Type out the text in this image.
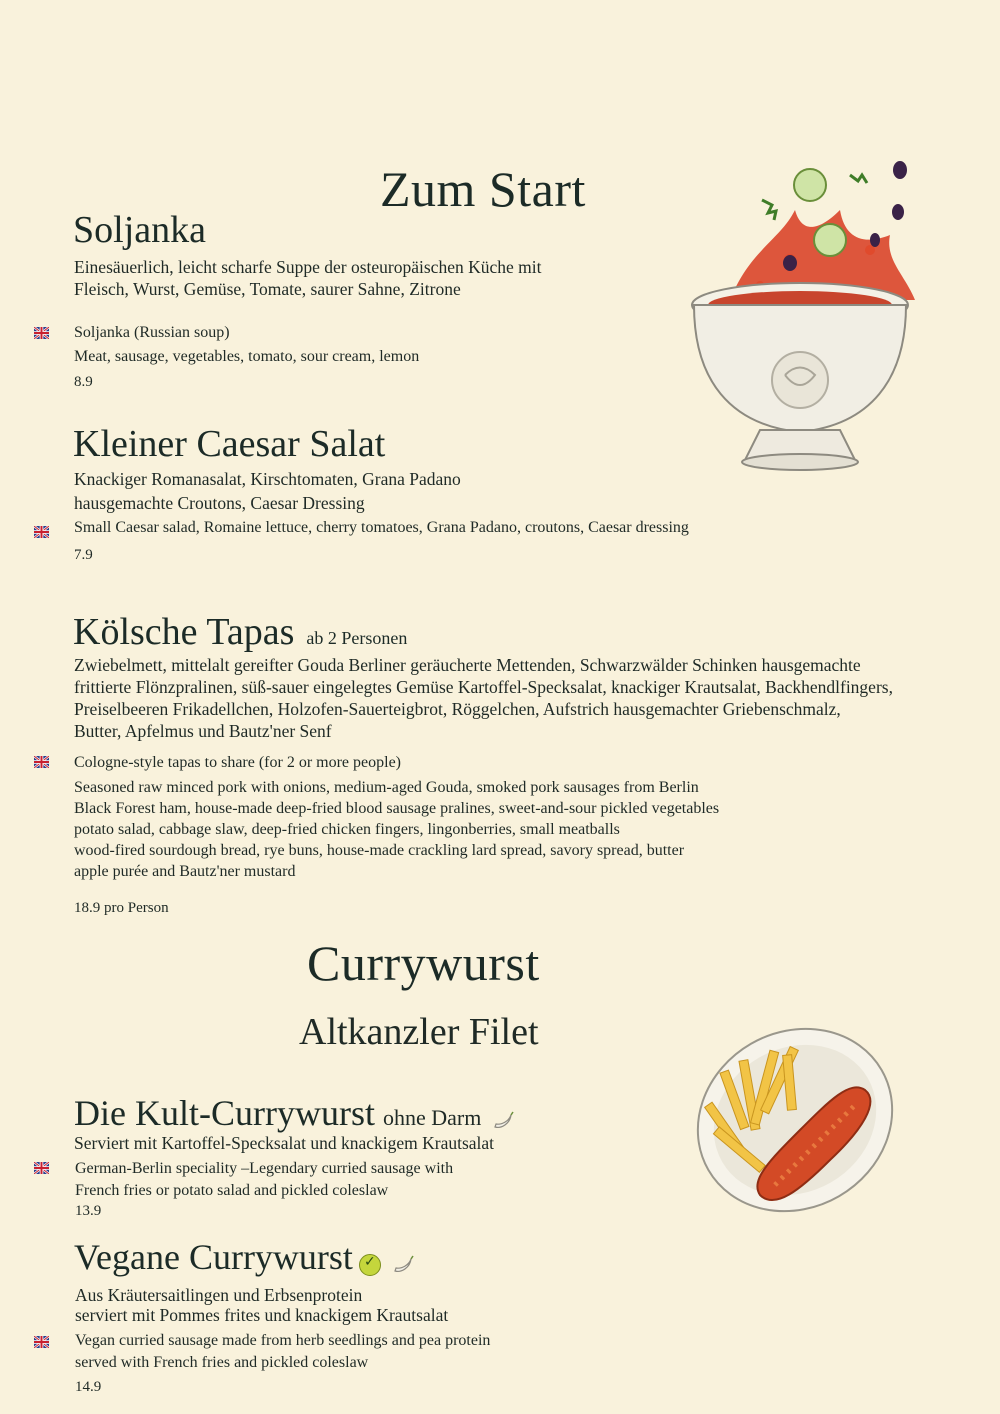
Zum Start
Soljanka
Einesäuerlich, leicht scharfe Suppe der osteuropäischen Küche mit
Fleisch, Wurst, Gemüse, Tomate, saurer Sahne, Zitrone
Soljanka (Russian soup)
Meat, sausage, vegetables, tomato, sour cream, lemon
8.9
Kleiner Caesar Salat
Knackiger Romanasalat, Kirschtomaten, Grana Padano
hausgemachte Croutons, Caesar Dressing
Small Caesar salad, Romaine lettuce, cherry tomatoes, Grana Padano, croutons, Caesar dressing
7.9
Kölsche Tapas ab 2 Personen
Zwiebelmett, mittelalt gereifter Gouda Berliner geräucherte Mettenden, Schwarzwälder Schinken hausgemachte
frittierte Flönzpralinen, süß-sauer eingelegtes Gemüse Kartoffel-Specksalat, knackiger Krautsalat, Backhendlfingers,
Preiselbeeren Frikadellchen, Holzofen-Sauerteigbrot, Röggelchen, Aufstrich hausgemachter Griebenschmalz,
Butter, Apfelmus und Bautz'ner Senf
Cologne-style tapas to share (for 2 or more people)
Seasoned raw minced pork with onions, medium-aged Gouda, smoked pork sausages from Berlin
Black Forest ham, house-made deep-fried blood sausage pralines, sweet-and-sour pickled vegetables
potato salad, cabbage slaw, deep-fried chicken fingers, lingonberries, small meatballs
wood-fired sourdough bread, rye buns, house-made crackling lard spread, savory spread, butter
apple purée and Bautz'ner mustard
18.9 pro Person
Currywurst
Altkanzler Filet
Die Kult-Currywurst ohne Darm
Serviert mit Kartoffel-Specksalat und knackigem Krautsalat
German-Berlin speciality –Legendary curried sausage with
French fries or potato salad and pickled coleslaw
13.9
Vegane Currywurst✓
Aus Kräutersaitlingen und Erbsenprotein
serviert mit Pommes frites und knackigem Krautsalat
Vegan curried sausage made from herb seedlings and pea protein
served with French fries and pickled coleslaw
14.9
